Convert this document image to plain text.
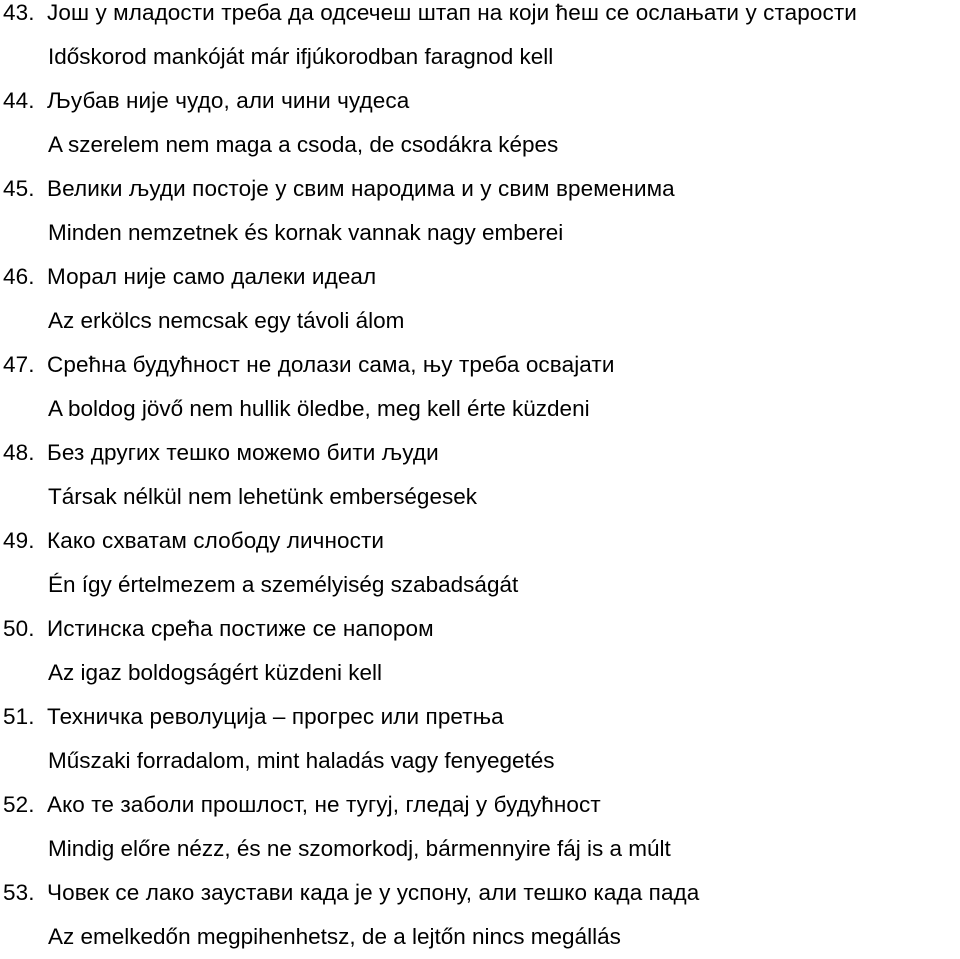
43. Још у младости треба да одсечеш штап на који ћеш се ослањати у старости
Időskorod mankóját már ifjúkorodban faragnod kell
44. Љубав није чудо, али чини чудеса
A szerelem nem maga a csoda, de csodákra képes
45. Велики људи постоје у свим народима и у свим временима
Minden nemzetnek és kornak vannak nagy emberei
46. Морал није само далеки идеал
Az erkölcs nemcsak egy távoli álom
47. Срећна будућност не долази сама, њу треба освајати
A boldog jövő nem hullik öledbe, meg kell érte küzdeni
48. Без других тешко можемо бити људи
Társak nélkül nem lehetünk emberségesek
49. Како схватам слободу личности
Én így értelmezem a személyiség szabadságát
50. Истинска срећа постиже се напором
Az igaz boldogságért küzdeni kell
51. Техничка револуција – прогрес или претња
Műszaki forradalom, mint haladás vagy fenyegetés
52. Ако те заболи прошлост, не тугуј, гледај у будућност
Mindig előre nézz, és ne szomorkodj, bármennyire fáj is a múlt
53. Човек се лако заустави када је у успону, али тешко када пада
Az emelkedőn megpihenhetsz, de a lejtőn nincs megállás
